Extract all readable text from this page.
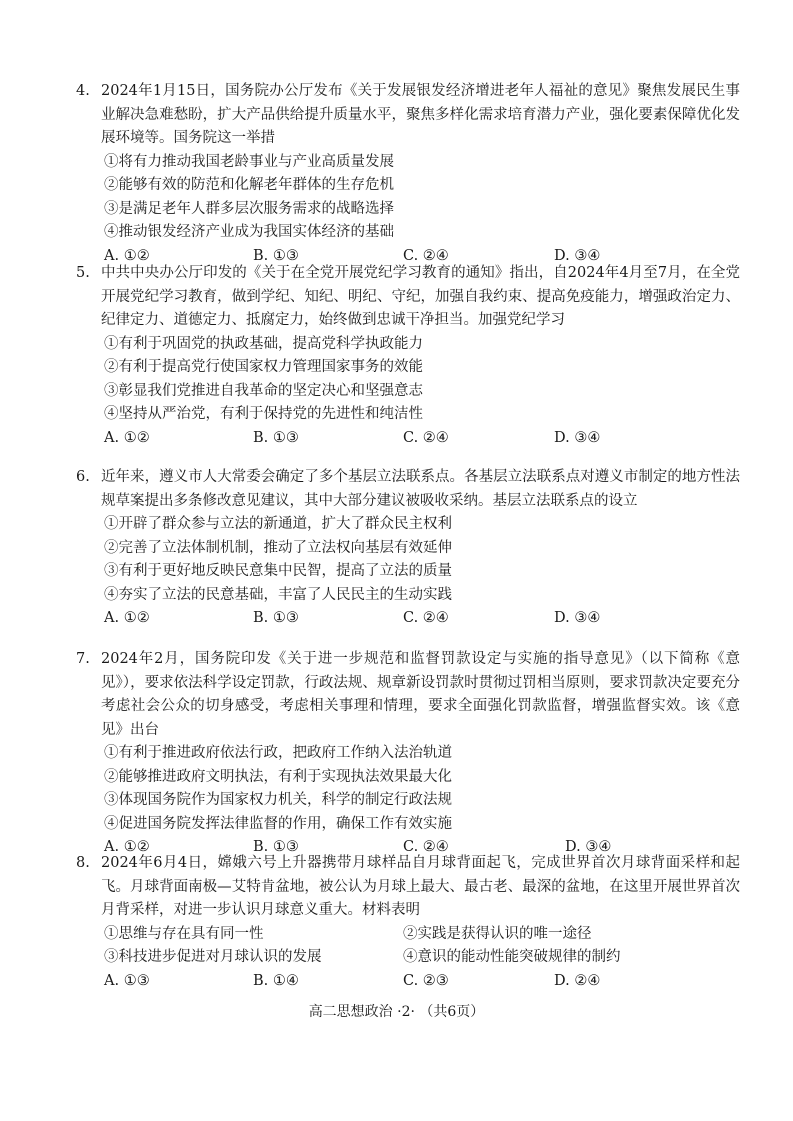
4. 2024年1月15日，国务院办公厅发布《关于发展银发经济增进老年人福祉的意见》聚焦发展民生事业解决急难愁盼，扩大产品供给提升质量水平，聚焦多样化需求培育潜力产业，强化要素保障优化发展环境等。国务院这一举措
①将有力推动我国老龄事业与产业高质量发展
②能够有效的防范和化解老年群体的生存危机
③是满足老年人群多层次服务需求的战略选择
④推动银发经济产业成为我国实体经济的基础
A. ①②	B. ①③	C. ②④	D. ③④
5. 中共中央办公厅印发的《关于在全党开展党纪学习教育的通知》指出，自2024年4月至7月，在全党开展党纪学习教育，做到学纪、知纪、明纪、守纪，加强自我约束、提高免疫能力，增强政治定力、纪律定力、道德定力、抵腐定力，始终做到忠诚干净担当。加强党纪学习
①有利于巩固党的执政基础，提高党科学执政能力
②有利于提高党行使国家权力管理国家事务的效能
③彰显我们党推进自我革命的坚定决心和坚强意志
④坚持从严治党，有利于保持党的先进性和纯洁性
A. ①②	B. ①③	C. ②④	D. ③④
6. 近年来，遵义市人大常委会确定了多个基层立法联系点。各基层立法联系点对遵义市制定的地方性法规草案提出多条修改意见建议，其中大部分建议被吸收采纳。基层立法联系点的设立
①开辟了群众参与立法的新通道，扩大了群众民主权利
②完善了立法体制机制，推动了立法权向基层有效延伸
③有利于更好地反映民意集中民智，提高了立法的质量
④夯实了立法的民意基础，丰富了人民民主的生动实践
A. ①②	B. ①③	C. ②④	D. ③④
7. 2024年2月，国务院印发《关于进一步规范和监督罚款设定与实施的指导意见》（以下简称《意见》），要求依法科学设定罚款，行政法规、规章新设罚款时贯彻过罚相当原则，要求罚款决定要充分考虑社会公众的切身感受，考虑相关事理和情理，要求全面强化罚款监督，增强监督实效。该《意见》出台
①有利于推进政府依法行政，把政府工作纳入法治轨道
②能够推进政府文明执法，有利于实现执法效果最大化
③体现国务院作为国家权力机关，科学的制定行政法规
④促进国务院发挥法律监督的作用，确保工作有效实施
A. ①②	B. ①③	C. ②④	D. ③④
8. 2024年6月4日，嫦娥六号上升器携带月球样品自月球背面起飞，完成世界首次月球背面采样和起飞。月球背面南极—艾特肯盆地，被公认为月球上最大、最古老、最深的盆地，在这里开展世界首次月背采样，对进一步认识月球意义重大。材料表明
①思维与存在具有同一性	②实践是获得认识的唯一途径
③科技进步促进对月球认识的发展	④意识的能动性能突破规律的制约
A. ①③	B. ①④	C. ②③	D. ②④
高二思想政治 ·2· （共6页）
